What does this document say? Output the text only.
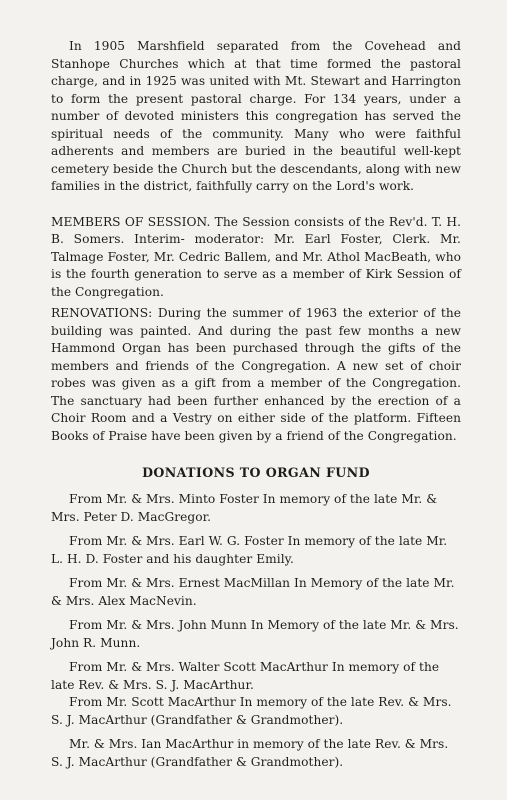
In 1905 Marshfield separated from the Covehead and Stanhope Churches which at that time formed the pastoral charge, and in 1925 was united with Mt. Stewart and Harrington to form the present pastoral charge. For 134 years, under a number of devoted ministers this congregation has served the spiritual needs of the community. Many who were faithful adherents and members are buried in the beautiful well-kept cemetery beside the Church but the descendants, along with new families in the district, faithfully carry on the Lord's work.

MEMBERS OF SESSION. The Session consists of the Rev'd. T. H. B. Somers. Interim- moderator: Mr. Earl Foster, Clerk. Mr. Talmage Foster, Mr. Cedric Ballem, and Mr. Athol MacBeath, who is the fourth generation to serve as a member of Kirk Session of the Congregation.

RENOVATIONS: During the summer of 1963 the exterior of the building was painted. And during the past few months a new Hammond Organ has been purchased through the gifts of the members and friends of the Congregation. A new set of choir robes was given as a gift from a member of the Congregation. The sanctuary had been further enhanced by the erection of a Choir Room and a Vestry on either side of the platform. Fifteen Books of Praise have been given by a friend of the Congregation.

DONATIONS TO ORGAN FUND

From Mr. & Mrs. Minto Foster In memory of the late Mr. & Mrs. Peter D. MacGregor.

From Mr. & Mrs. Earl W. G. Foster In memory of the late Mr. L. H. D. Foster and his daughter Emily.

From Mr. & Mrs. Ernest MacMillan In Memory of the late Mr. & Mrs. Alex MacNevin.

From Mr. & Mrs. John Munn In Memory of the late Mr. & Mrs. John R. Munn.

From Mr. & Mrs. Walter Scott MacArthur In memory of the late Rev. & Mrs. S. J. MacArthur.

From Mr. Scott MacArthur In memory of the late Rev. & Mrs. S. J. MacArthur (Grandfather & Grandmother).

Mr. & Mrs. Ian MacArthur in memory of the late Rev. & Mrs. S. J. MacArthur (Grandfather & Grandmother).
